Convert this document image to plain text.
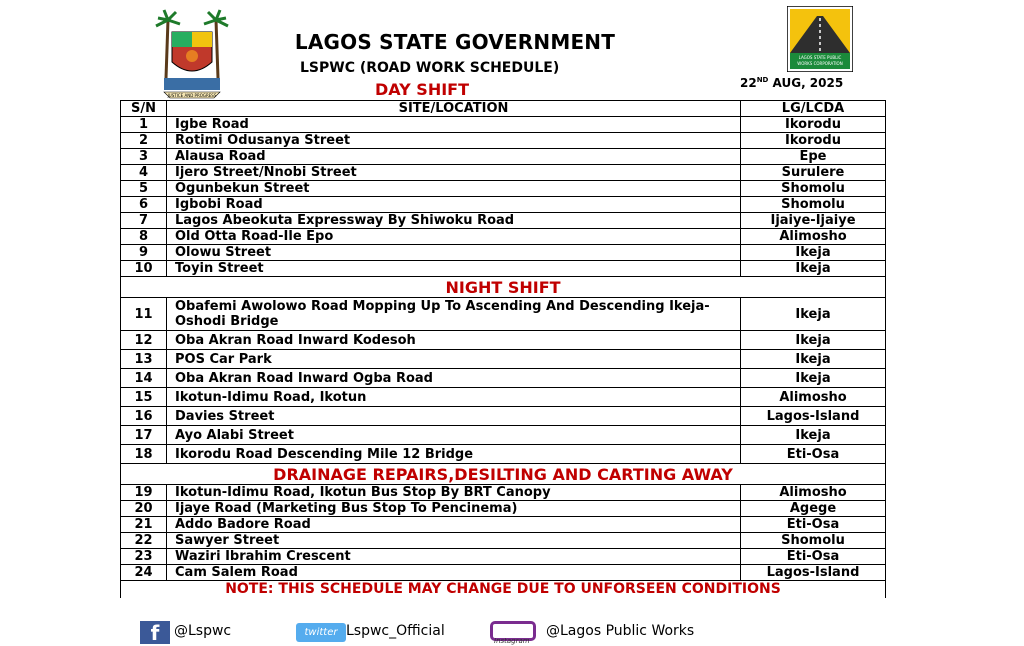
JUSTICE AND PROGRESS
LAGOS STATE PUBLIC
WORKS CORPORATION
LAGOS STATE GOVERNMENT
LSPWC (ROAD WORK SCHEDULE)
22ND AUG, 2025
DAY SHIFT
S/N	SITE/LOCATION	LG/LCDA
1	Igbe Road	Ikorodu
2	Rotimi Odusanya Street	Ikorodu
3	Alausa Road	Epe
4	Ijero Street/Nnobi Street	Surulere
5	Ogunbekun Street	Shomolu
6	Igbobi Road	Shomolu
7	Lagos Abeokuta Expressway By Shiwoku Road	Ijaiye-Ijaiye
8	Old Otta Road-Ile Epo	Alimosho
9	Olowu Street	Ikeja
10	Toyin Street	Ikeja
NIGHT SHIFT		
11	Obafemi Awolowo Road Mopping Up To Ascending And Descending Ikeja-Oshodi Bridge	Ikeja
12	Oba Akran Road Inward Kodesoh	Ikeja
13	POS Car Park	Ikeja
14	Oba Akran Road Inward Ogba Road	Ikeja
15	Ikotun-Idimu Road, Ikotun	Alimosho
16	Davies Street	Lagos-Island
17	Ayo Alabi Street	Ikeja
18	Ikorodu Road Descending Mile 12 Bridge	Eti-Osa
DRAINAGE REPAIRS,DESILTING AND CARTING AWAY		
19	Ikotun-Idimu Road, Ikotun Bus Stop By BRT Canopy	Alimosho
20	Ijaye Road (Marketing Bus Stop To Pencinema)	Agege
21	Addo Badore Road	Eti-Osa
22	Sawyer Street	Shomolu
23	Waziri Ibrahim Crescent	Eti-Osa
24	Cam Salem Road	Lagos-Island
NOTE: THIS SCHEDULE MAY CHANGE DUE TO UNFORSEEN CONDITIONS		
f	@Lspwc	twitter Lspwc_Official
Instagram
@Lagos Public Works
